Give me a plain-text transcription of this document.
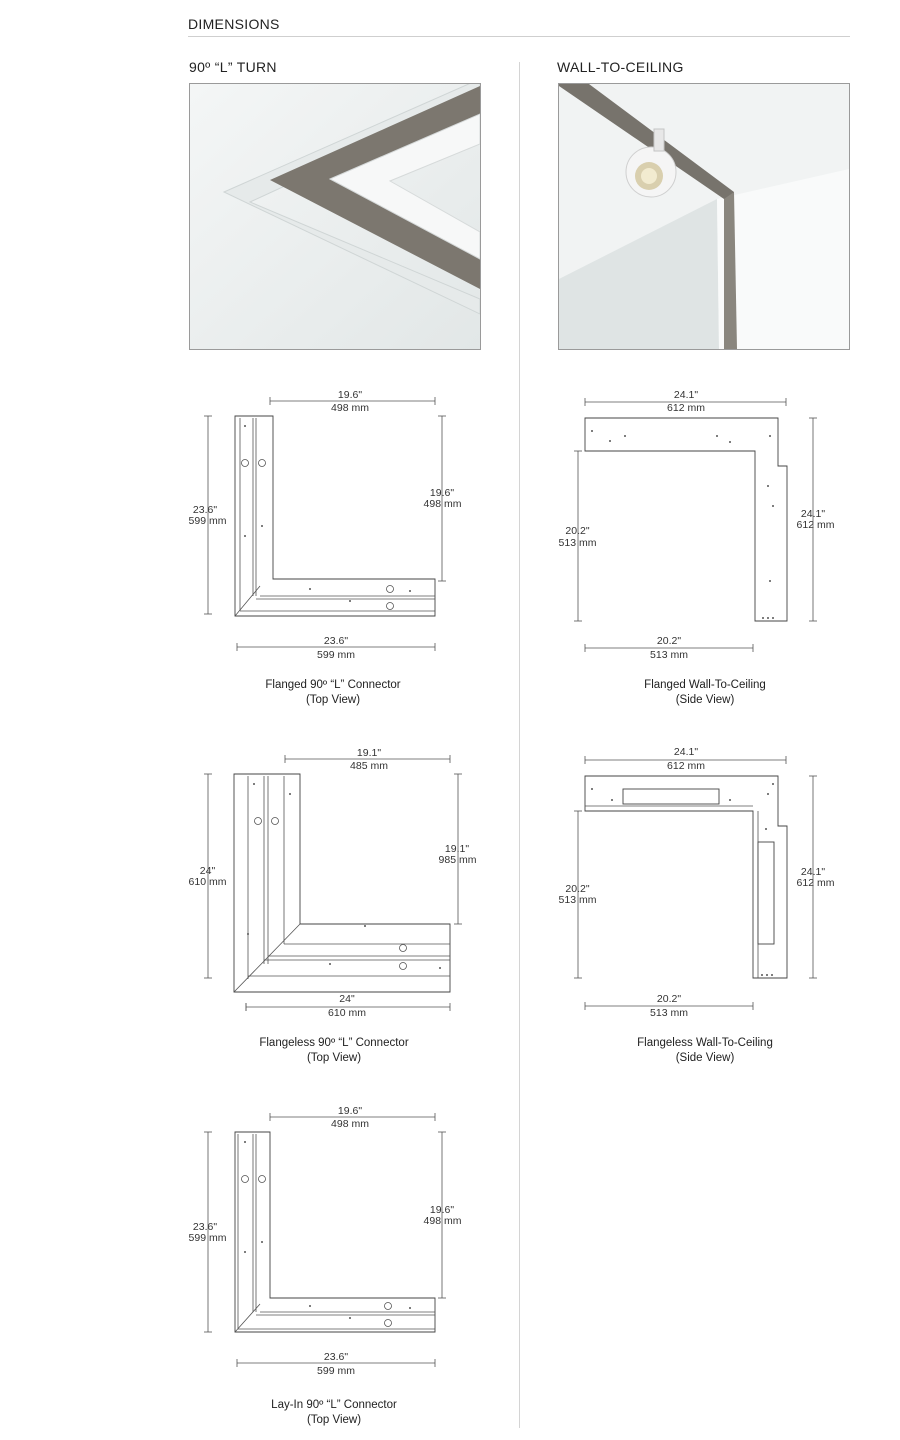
DIMENSIONS
90º “L” TURN	WALL-TO-CEILING
19.6"
498 mm
23.6"
599 mm
19.6"
498 mm
23.6"
599 mm
Flanged 90º “L” Connector
(Top View)
24.1"
612 mm
20.2"
513 mm
24.1"
612 mm
20.2"
513 mm
Flanged Wall-To-Ceiling
(Side View)
19.1"
485 mm
24"
610 mm
19.1"
985 mm
24"
610 mm
Flangeless 90º “L” Connector
(Top View)
24.1"
612 mm
20.2"
513 mm
24.1"
612 mm
20.2"
513 mm
Flangeless Wall-To-Ceiling
(Side View)
19.6"
498 mm
23.6"
599 mm
19.6"
498 mm
23.6"
599 mm
Lay-In 90º “L” Connector
(Top View)
